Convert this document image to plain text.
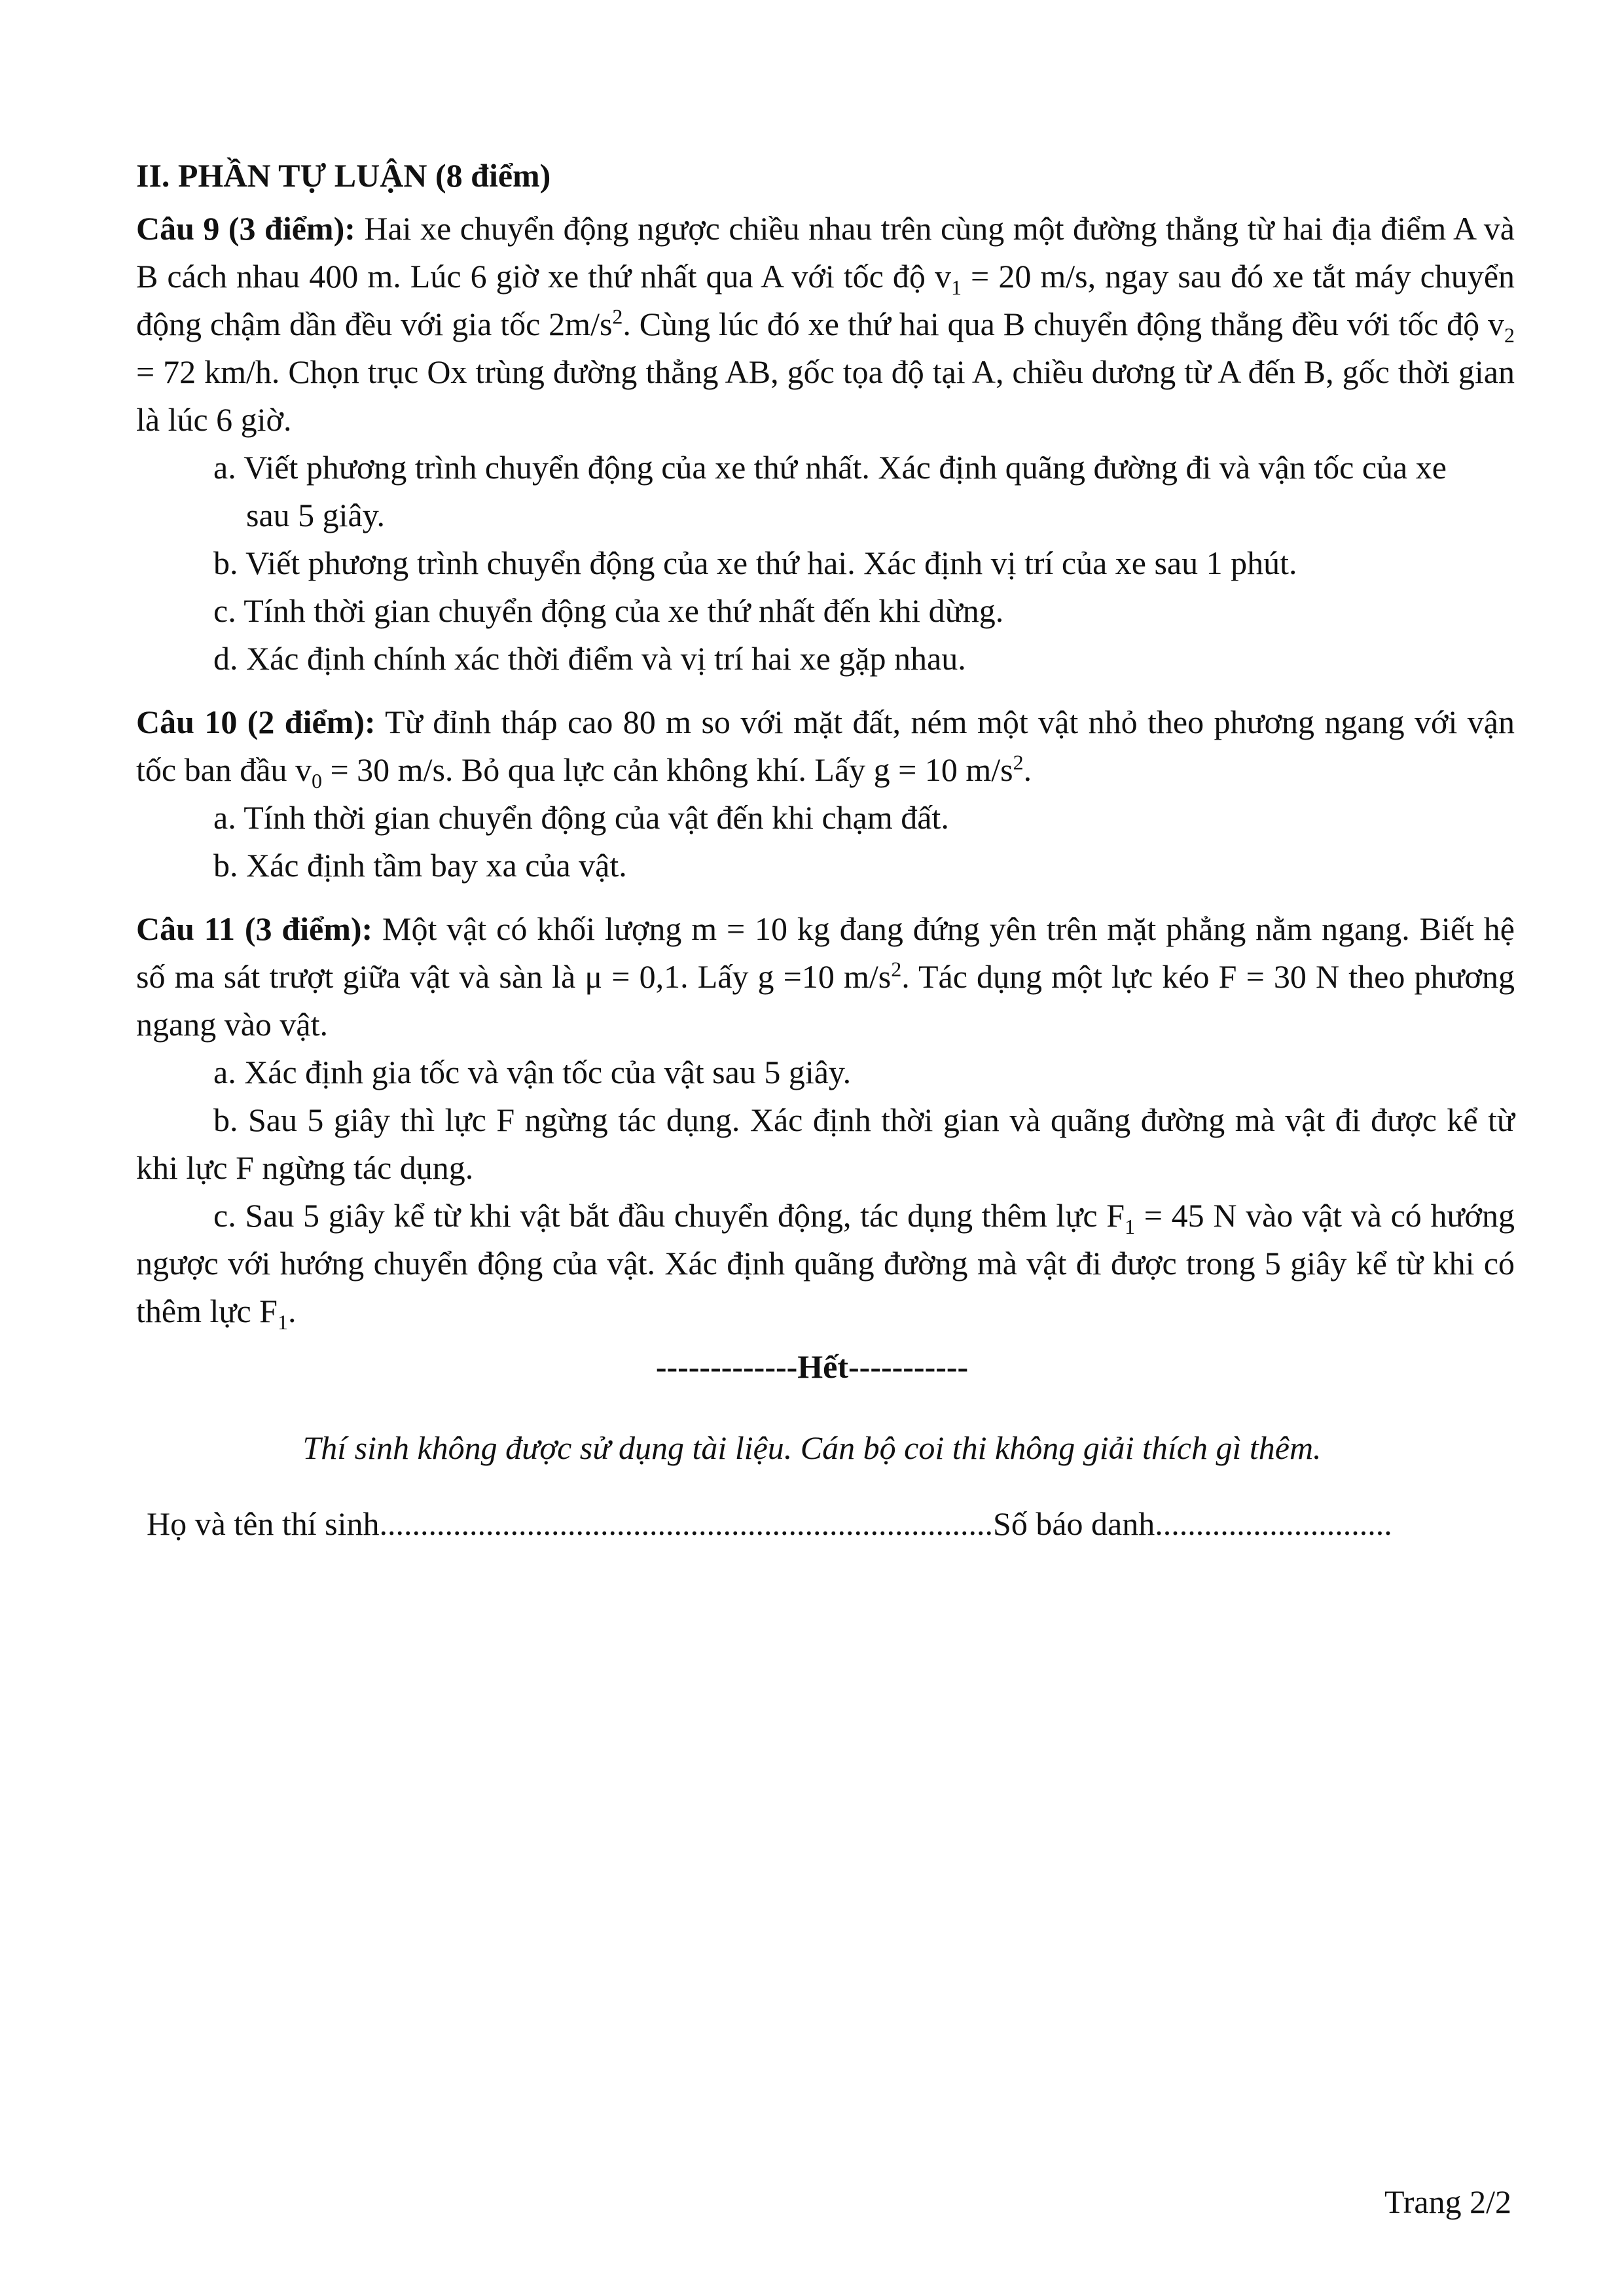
II. PHẦN TỰ LUẬN (8 điểm)

Câu 9 (3 điểm): Hai xe chuyển động ngược chiều nhau trên cùng một đường thẳng từ hai địa điểm A và B cách nhau 400 m. Lúc 6 giờ xe thứ nhất qua A với tốc độ $v_1 = 20$ m/s, ngay sau đó xe tắt máy chuyển động chậm dần đều với gia tốc $2m/s^2$. Cùng lúc đó xe thứ hai qua B chuyển động thẳng đều với tốc độ $v_2 = 72$ km/h. Chọn trục Ox trùng đường thẳng AB, gốc tọa độ tại A, chiều dương từ A đến B, gốc thời gian là lúc 6 giờ.

a. Viết phương trình chuyển động của xe thứ nhất. Xác định quãng đường đi và vận tốc của xe
sau 5 giây.

b. Viết phương trình chuyển động của xe thứ hai. Xác định vị trí của xe sau 1 phút.

c. Tính thời gian chuyển động của xe thứ nhất đến khi dừng.

d. Xác định chính xác thời điểm và vị trí hai xe gặp nhau.

Câu 10 (2 điểm): Từ đỉnh tháp cao 80 m so với mặt đất, ném một vật nhỏ theo phương ngang với vận tốc ban đầu $v_0 = 30$ m/s. Bỏ qua lực cản không khí. Lấy g = 10 $m/s^2$.

a. Tính thời gian chuyển động của vật đến khi chạm đất.

b. Xác định tầm bay xa của vật.

Câu 11 (3 điểm): Một vật có khối lượng m = 10 kg đang đứng yên trên mặt phẳng nằm ngang. Biết hệ số ma sát trượt giữa vật và sàn là μ = 0,1. Lấy g =10 $m/s^2$. Tác dụng một lực kéo F = 30 N theo phương ngang vào vật.

a. Xác định gia tốc và vận tốc của vật sau 5 giây.

b. Sau 5 giây thì lực F ngừng tác dụng. Xác định thời gian và quãng đường mà vật đi được kể từ khi lực F ngừng tác dụng.

c. Sau 5 giây kể từ khi vật bắt đầu chuyển động, tác dụng thêm lực $F_1 = 45$ N vào vật và có hướng ngược với hướng chuyển động của vật. Xác định quãng đường mà vật đi được trong 5 giây kể từ khi có thêm lực $F_1$.

-------------Hết-----------

Thí sinh không được sử dụng tài liệu. Cán bộ coi thi không giải thích gì thêm.

Họ và tên thí sinh...........................................................................Số báo danh.............................

Trang 2/2
